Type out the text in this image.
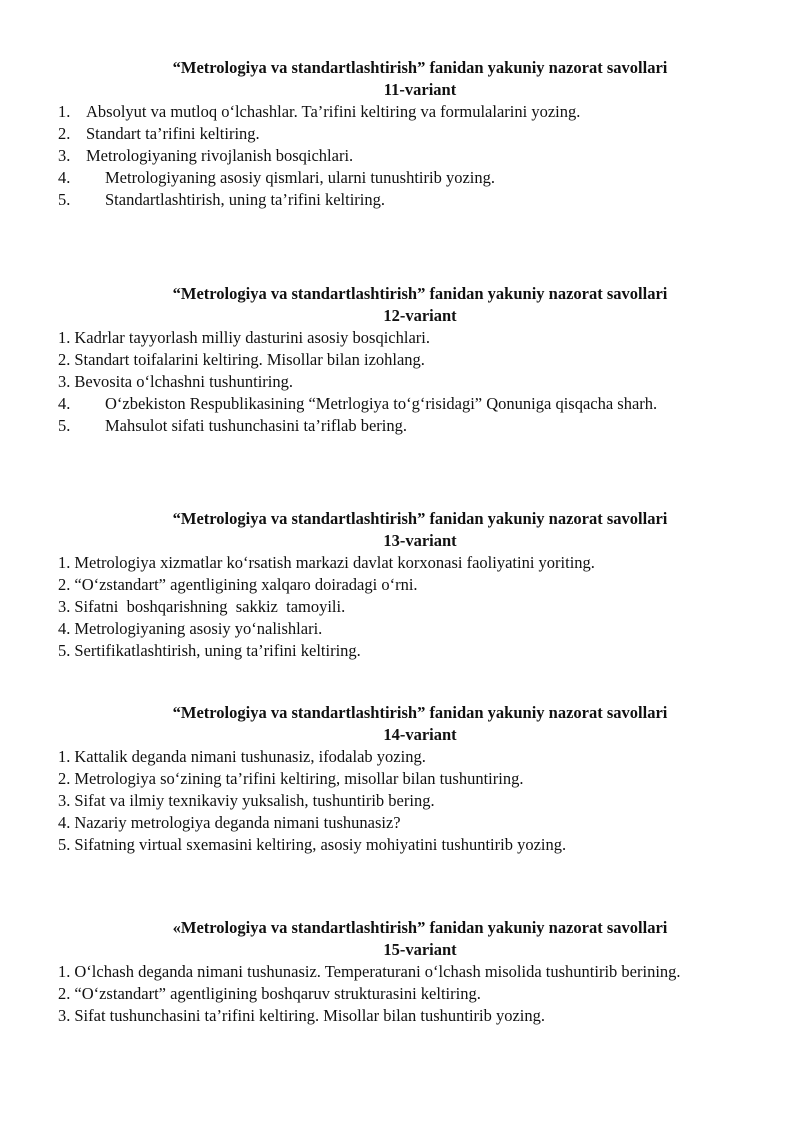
“Metrologiya va standartlashtirish” fanidan yakuniy nazorat savollari
11-variant
1. Absolyut va mutloq o‘lchashlar. Ta’rifini keltiring va formulalarini yozing.
2. Standart ta’rifini keltiring.
3. Metrologiyaning rivojlanish bosqichlari.
4. Metrologiyaning asosiy qismlari, ularni tunushtirib yozing.
5. Standartlashtirish, uning ta’rifini keltiring.
“Metrologiya va standartlashtirish” fanidan yakuniy nazorat savollari
12-variant
1. Kadrlar tayyorlash milliy dasturini asosiy bosqichlari.
2. Standart toifalarini keltiring. Misollar bilan izohlang.
3. Bevosita o‘lchashni tushuntiring.
4. O‘zbekiston Respublikasining “Metrlogiya to‘g‘risidagi” Qonuniga qisqacha sharh.
5. Mahsulot sifati tushunchasini ta’riflab bering.
“Metrologiya va standartlashtirish” fanidan yakuniy nazorat savollari
13-variant
1. Metrologiya xizmatlar ko‘rsatish markazi davlat korxonasi faoliyatini yoriting.
2. “O‘zstandart” agentligining xalqaro doiradagi o‘rni.
3. Sifatni  boshqarishning  sakkiz  tamoyili.
4. Metrologiyaning asosiy yo‘nalishlari.
5. Sertifikatlashtirish, uning ta’rifini keltiring.
“Metrologiya va standartlashtirish” fanidan yakuniy nazorat savollari
14-variant
1. Kattalik deganda nimani tushunasiz, ifodalab yozing.
2. Metrologiya so‘zining ta’rifini keltiring, misollar bilan tushuntiring.
3. Sifat va ilmiy texnikaviy yuksalish, tushuntirib bering.
4. Nazariy metrologiya deganda nimani tushunasiz?
5. Sifatning virtual sxemasini keltiring, asosiy mohiyatini tushuntirib yozing.
«Metrologiya va standartlashtirish” fanidan yakuniy nazorat savollari
15-variant
1. O‘lchash deganda nimani tushunasiz. Temperaturani o‘lchash misolida tushuntirib berining.
2. “O‘zstandart” agentligining boshqaruv strukturasini keltiring.
3. Sifat tushunchasini ta’rifini keltiring. Misollar bilan tushuntirib yozing.
